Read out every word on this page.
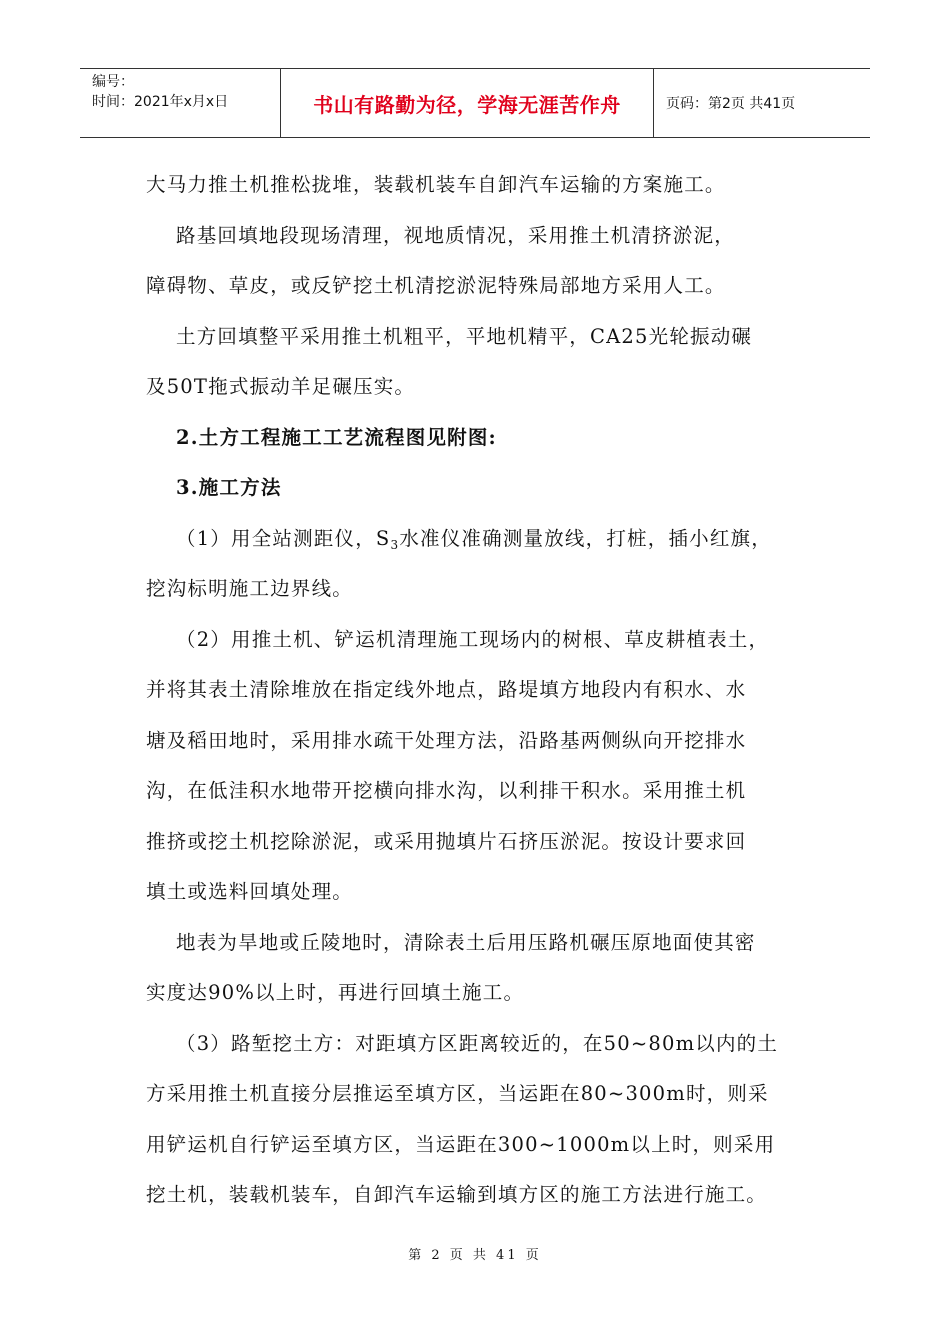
编号：
时间：2021年x月x日	书山有路勤为径，学海无涯苦作舟	页码：第2页 共41页

大马力推土机推松拢堆，装载机装车自卸汽车运输的方案施工。

路基回填地段现场清理，视地质情况，采用推土机清挤淤泥，

障碍物、草皮，或反铲挖土机清挖淤泥特殊局部地方采用人工。

土方回填整平采用推土机粗平，平地机精平，CA25光轮振动碾

及50T拖式振动羊足碾压实。

2.土方工程施工工艺流程图见附图:

3.施工方法

（1）用全站测距仪，$S_3$水准仪准确测量放线，打桩，插小红旗，

挖沟标明施工边界线。

（2）用推土机、铲运机清理施工现场内的树根、草皮耕植表土，

并将其表土清除堆放在指定线外地点，路堤填方地段内有积水、水

塘及稻田地时，采用排水疏干处理方法，沿路基两侧纵向开挖排水

沟，在低洼积水地带开挖横向排水沟，以利排干积水。采用推土机

推挤或挖土机挖除淤泥，或采用抛填片石挤压淤泥。按设计要求回

填土或选料回填处理。

地表为旱地或丘陵地时，清除表土后用压路机碾压原地面使其密

实度达90%以上时，再进行回填土施工。

（3）路堑挖土方：对距填方区距离较近的，在50~80m以内的土

方采用推土机直接分层推运至填方区，当运距在80~300m时，则采

用铲运机自行铲运至填方区，当运距在300~1000m以上时，则采用

挖土机，装载机装车，自卸汽车运输到填方区的施工方法进行施工。

第 2 页 共 41 页
